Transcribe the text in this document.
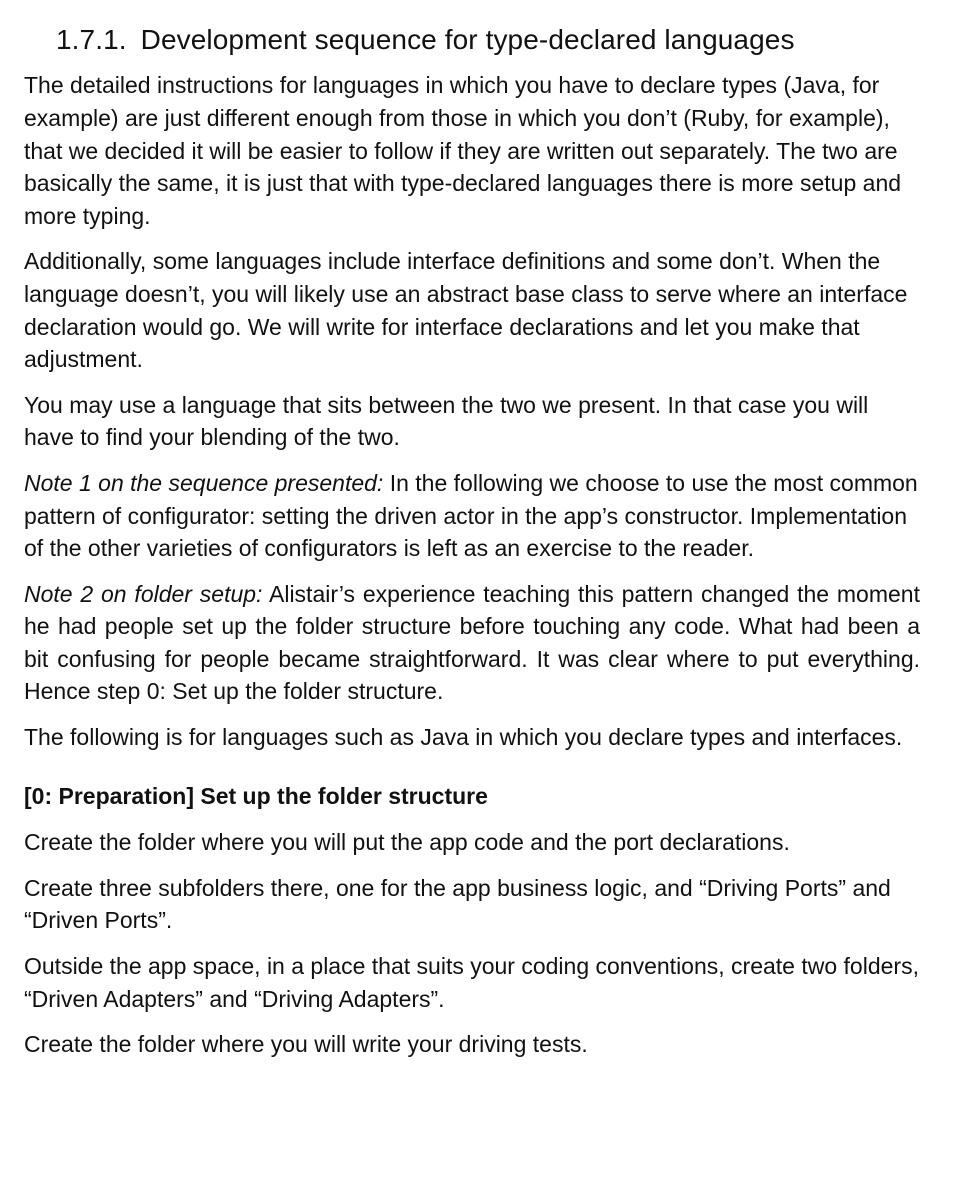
1.7.1. Development sequence for type-declared languages

The detailed instructions for languages in which you have to declare types (Java, for example) are just different enough from those in which you don’t (Ruby, for example), that we decided it will be easier to follow if they are written out separately. The two are basically the same, it is just that with type-declared languages there is more setup and more typing.

Additionally, some languages include interface definitions and some don’t. When the language doesn’t, you will likely use an abstract base class to serve where an interface declaration would go. We will write for interface declarations and let you make that adjustment.

You may use a language that sits between the two we present. In that case you will have to find your blending of the two.

Note 1 on the sequence presented: In the following we choose to use the most common pattern of configurator: setting the driven actor in the app’s constructor. Implementation of the other varieties of configurators is left as an exercise to the reader.

Note 2 on folder setup: Alistair’s experience teaching this pattern changed the moment he had people set up the folder structure before touching any code. What had been a bit confusing for people became straightforward. It was clear where to put everything. Hence step 0: Set up the folder structure.

The following is for languages such as Java in which you declare types and interfaces.

[0: Preparation] Set up the folder structure

Create the folder where you will put the app code and the port declarations.

Create three subfolders there, one for the app business logic, and “Driving Ports” and “Driven Ports”.

Outside the app space, in a place that suits your coding conventions, create two folders, “Driven Adapters” and “Driving Adapters”.

Create the folder where you will write your driving tests.
